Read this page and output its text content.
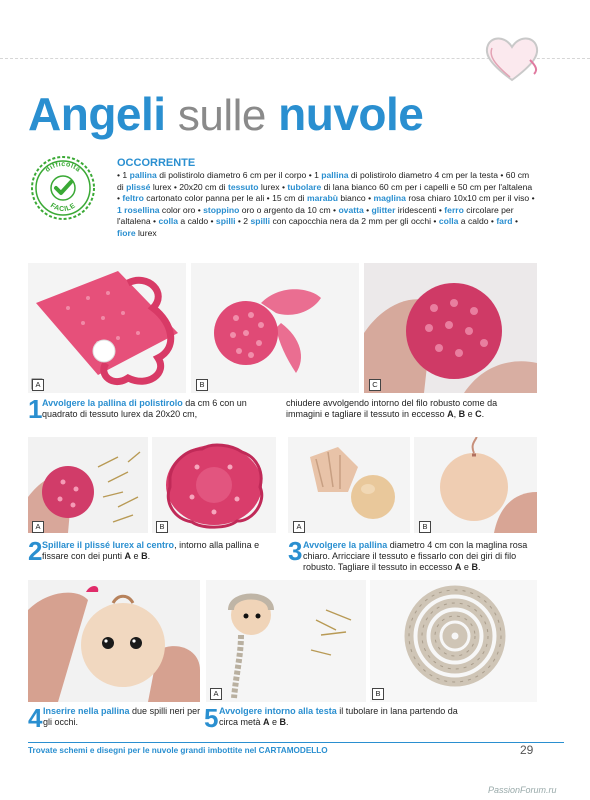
Angeli sulle nuvole
difficoltà
FACILE
OCCORRENTE
• 1 pallina di polistirolo diametro 6 cm per il corpo • 1 pallina di polistirolo diametro 4 cm per la testa • 60 cm di plissé lurex • 20x20 cm di tessuto lurex • tubolare di lana bianco 60 cm per i capelli e 50 cm per l'altalena • feltro cartonato color panna per le ali • 15 cm di marabù bianco • maglina rosa chiaro 10x10 cm per il viso • 1 rosellina color oro • stoppino oro o argento da 10 cm • ovatta • glitter iridescenti • ferro circolare per l'altalena • colla a caldo • spilli • 2 spilli con capocchia nera da 2 mm per gli occhi • colla a caldo • fard • fiore lurex
A	B	C
1 Avvolgere la pallina di polistirolo da cm 6 con un quadrato di tessuto lurex da 20x20 cm,
chiudere avvolgendo intorno del filo robusto come da immagini e tagliare il tessuto in eccesso A, B e C.
A	B	A	B
2 Spillare il plissé lurex al centro, intorno alla pallina e fissare con dei punti A e B.	3 Avvolgere la pallina diametro 4 cm con la maglina rosa chiaro. Arricciare il tessuto e fissarlo con dei giri di filo robusto. Tagliare il tessuto in eccesso A e B.
A	B
4 Inserire nella pallina due spilli neri per gli occhi.	5 Avvolgere intorno alla testa il tubolare in lana partendo da circa metà A e B.
Trovate schemi e disegni per le nuvole grandi imbottite nel CARTAMODELLO	29
PassionForum.ru
